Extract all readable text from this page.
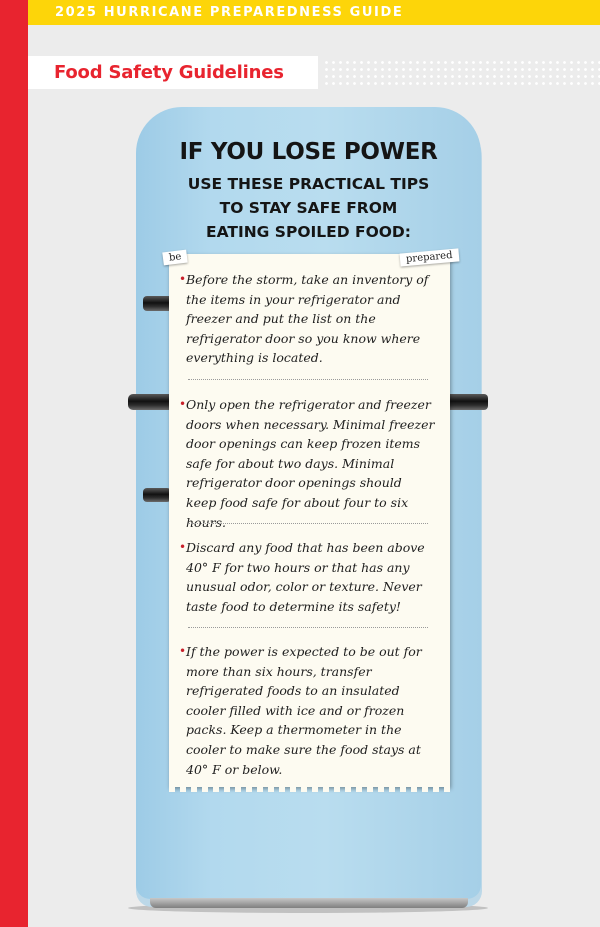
2025 HURRICANE PREPAREDNESS GUIDE
Food Safety Guidelines
IF YOU LOSE POWER
USE THESE PRACTICAL TIPS
TO STAY SAFE FROM
EATING SPOILED FOOD:
be	prepared
• Before the storm, take an inventory of the items in your refrigerator and freezer and put the list on the refrigerator door so you know where everything is located.
• Only open the refrigerator and freezer doors when necessary. Minimal freezer door openings can keep frozen items safe for about two days. Minimal refrigerator door openings should keep food safe for about four to six hours.
• Discard any food that has been above 40° F for two hours or that has any unusual odor, color or texture. Never taste food to determine its safety!
• If the power is expected to be out for more than six hours, transfer refrigerated foods to an insulated cooler filled with ice and or frozen packs. Keep a thermometer in the cooler to make sure the food stays at 40° F or below.
